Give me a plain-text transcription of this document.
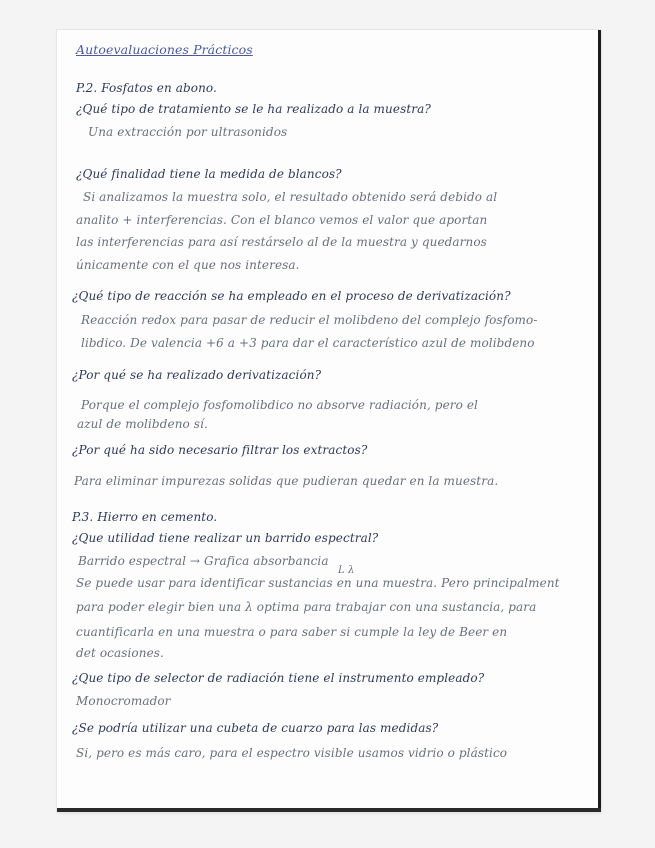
Autoevaluaciones Prácticos
P.2. Fosfatos en abono.
¿Qué tipo de tratamiento se le ha realizado a la muestra?
Una extracción por ultrasonidos
¿Qué finalidad tiene la medida de blancos?
Si analizamos la muestra solo, el resultado obtenido será debido al
analito + interferencias. Con el blanco vemos el valor que aportan
las interferencias para así restárselo al de la muestra y quedarnos
únicamente con el que nos interesa.
¿Qué tipo de reacción se ha empleado en el proceso de derivatización?
Reacción redox para pasar de reducir el molibdeno del complejo fosfomo-
libdico. De valencia +6 a +3 para dar el característico azul de molibdeno
¿Por qué se ha realizado derivatización?
Porque el complejo fosfomolibdico no absorve radiación, pero el
azul de molibdeno sí.
¿Por qué ha sido necesario filtrar los extractos?
Para eliminar impurezas solidas que pudieran quedar en la muestra.
P.3. Hierro en cemento.
¿Que utilidad tiene realizar un barrido espectral?
Barrido espectral → Grafica absorbancia
L λ
Se puede usar para identificar sustancias en una muestra. Pero principalment
para poder elegir bien una λ optima para trabajar con una sustancia, para
cuantificarla en una muestra o para saber si cumple la ley de Beer en
det ocasiones.
¿Que tipo de selector de radiación tiene el instrumento empleado?
Monocromador
¿Se podría utilizar una cubeta de cuarzo para las medidas?
Si, pero es más caro, para el espectro visible usamos vidrio o plástico
